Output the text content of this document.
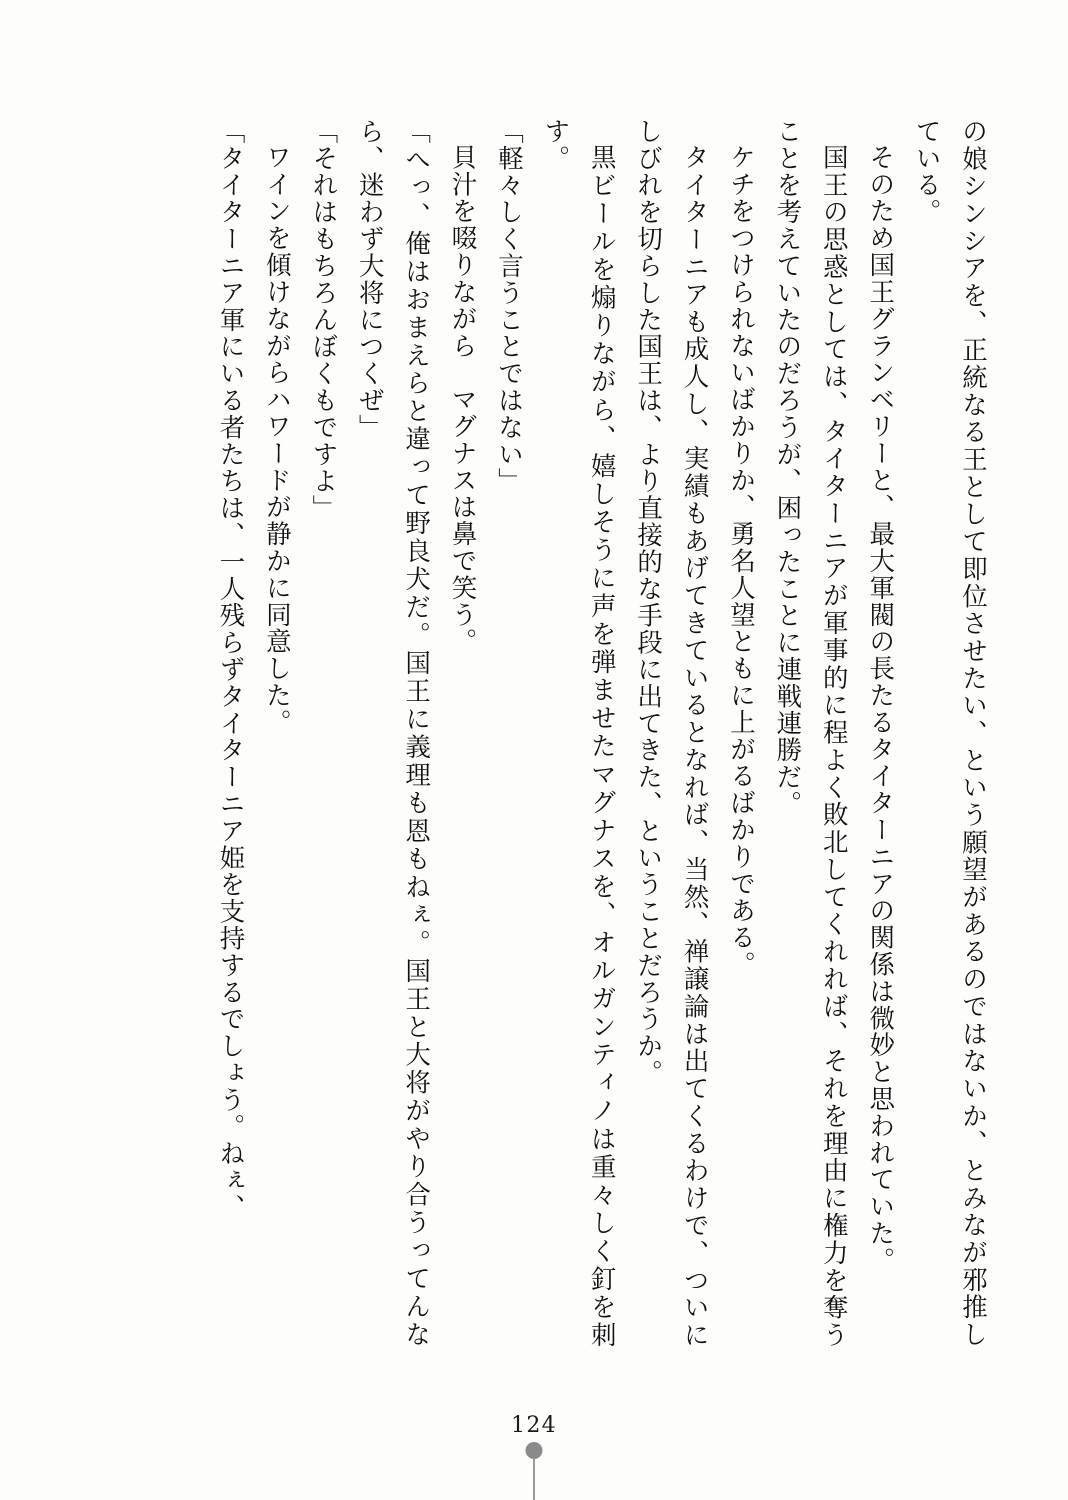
の娘シンシアを、正統なる王として即位させたい、という願望があるのではないか、とみなが邪推している。

そのため国王グランベリーと、最大軍閥の長たるタイターニアの関係は微妙と思われていた。

国王の思惑としては、タイターニアが軍事的に程よく敗北してくれれば、それを理由に権力を奪うことを考えていたのだろうが、困ったことに連戦連勝だ。

ケチをつけられないばかりか、勇名人望ともに上がるばかりである。

タイターニアも成人し、実績もあげてきているとなれば、当然、禅譲論は出てくるわけで、ついにしびれを切らした国王は、より直接的な手段に出てきた、ということだろうか。

黒ビールを煽りながら、嬉しそうに声を弾ませたマグナスを、オルガンティノは重々しく釘を刺す。

「軽々しく言うことではない」

貝汁を啜りながら　マグナスは鼻で笑う。

「へっ、俺はおまえらと違って野良犬だ。国王に義理も恩もねぇ。国王と大将がやり合うってんなら、迷わず大将につくぜ」

「それはもちろんぼくもですよ」

ワインを傾けながらハワードが静かに同意した。

「タイターニア軍にいる者たちは、一人残らずタイターニア姫を支持するでしょう。ねぇ、

124
